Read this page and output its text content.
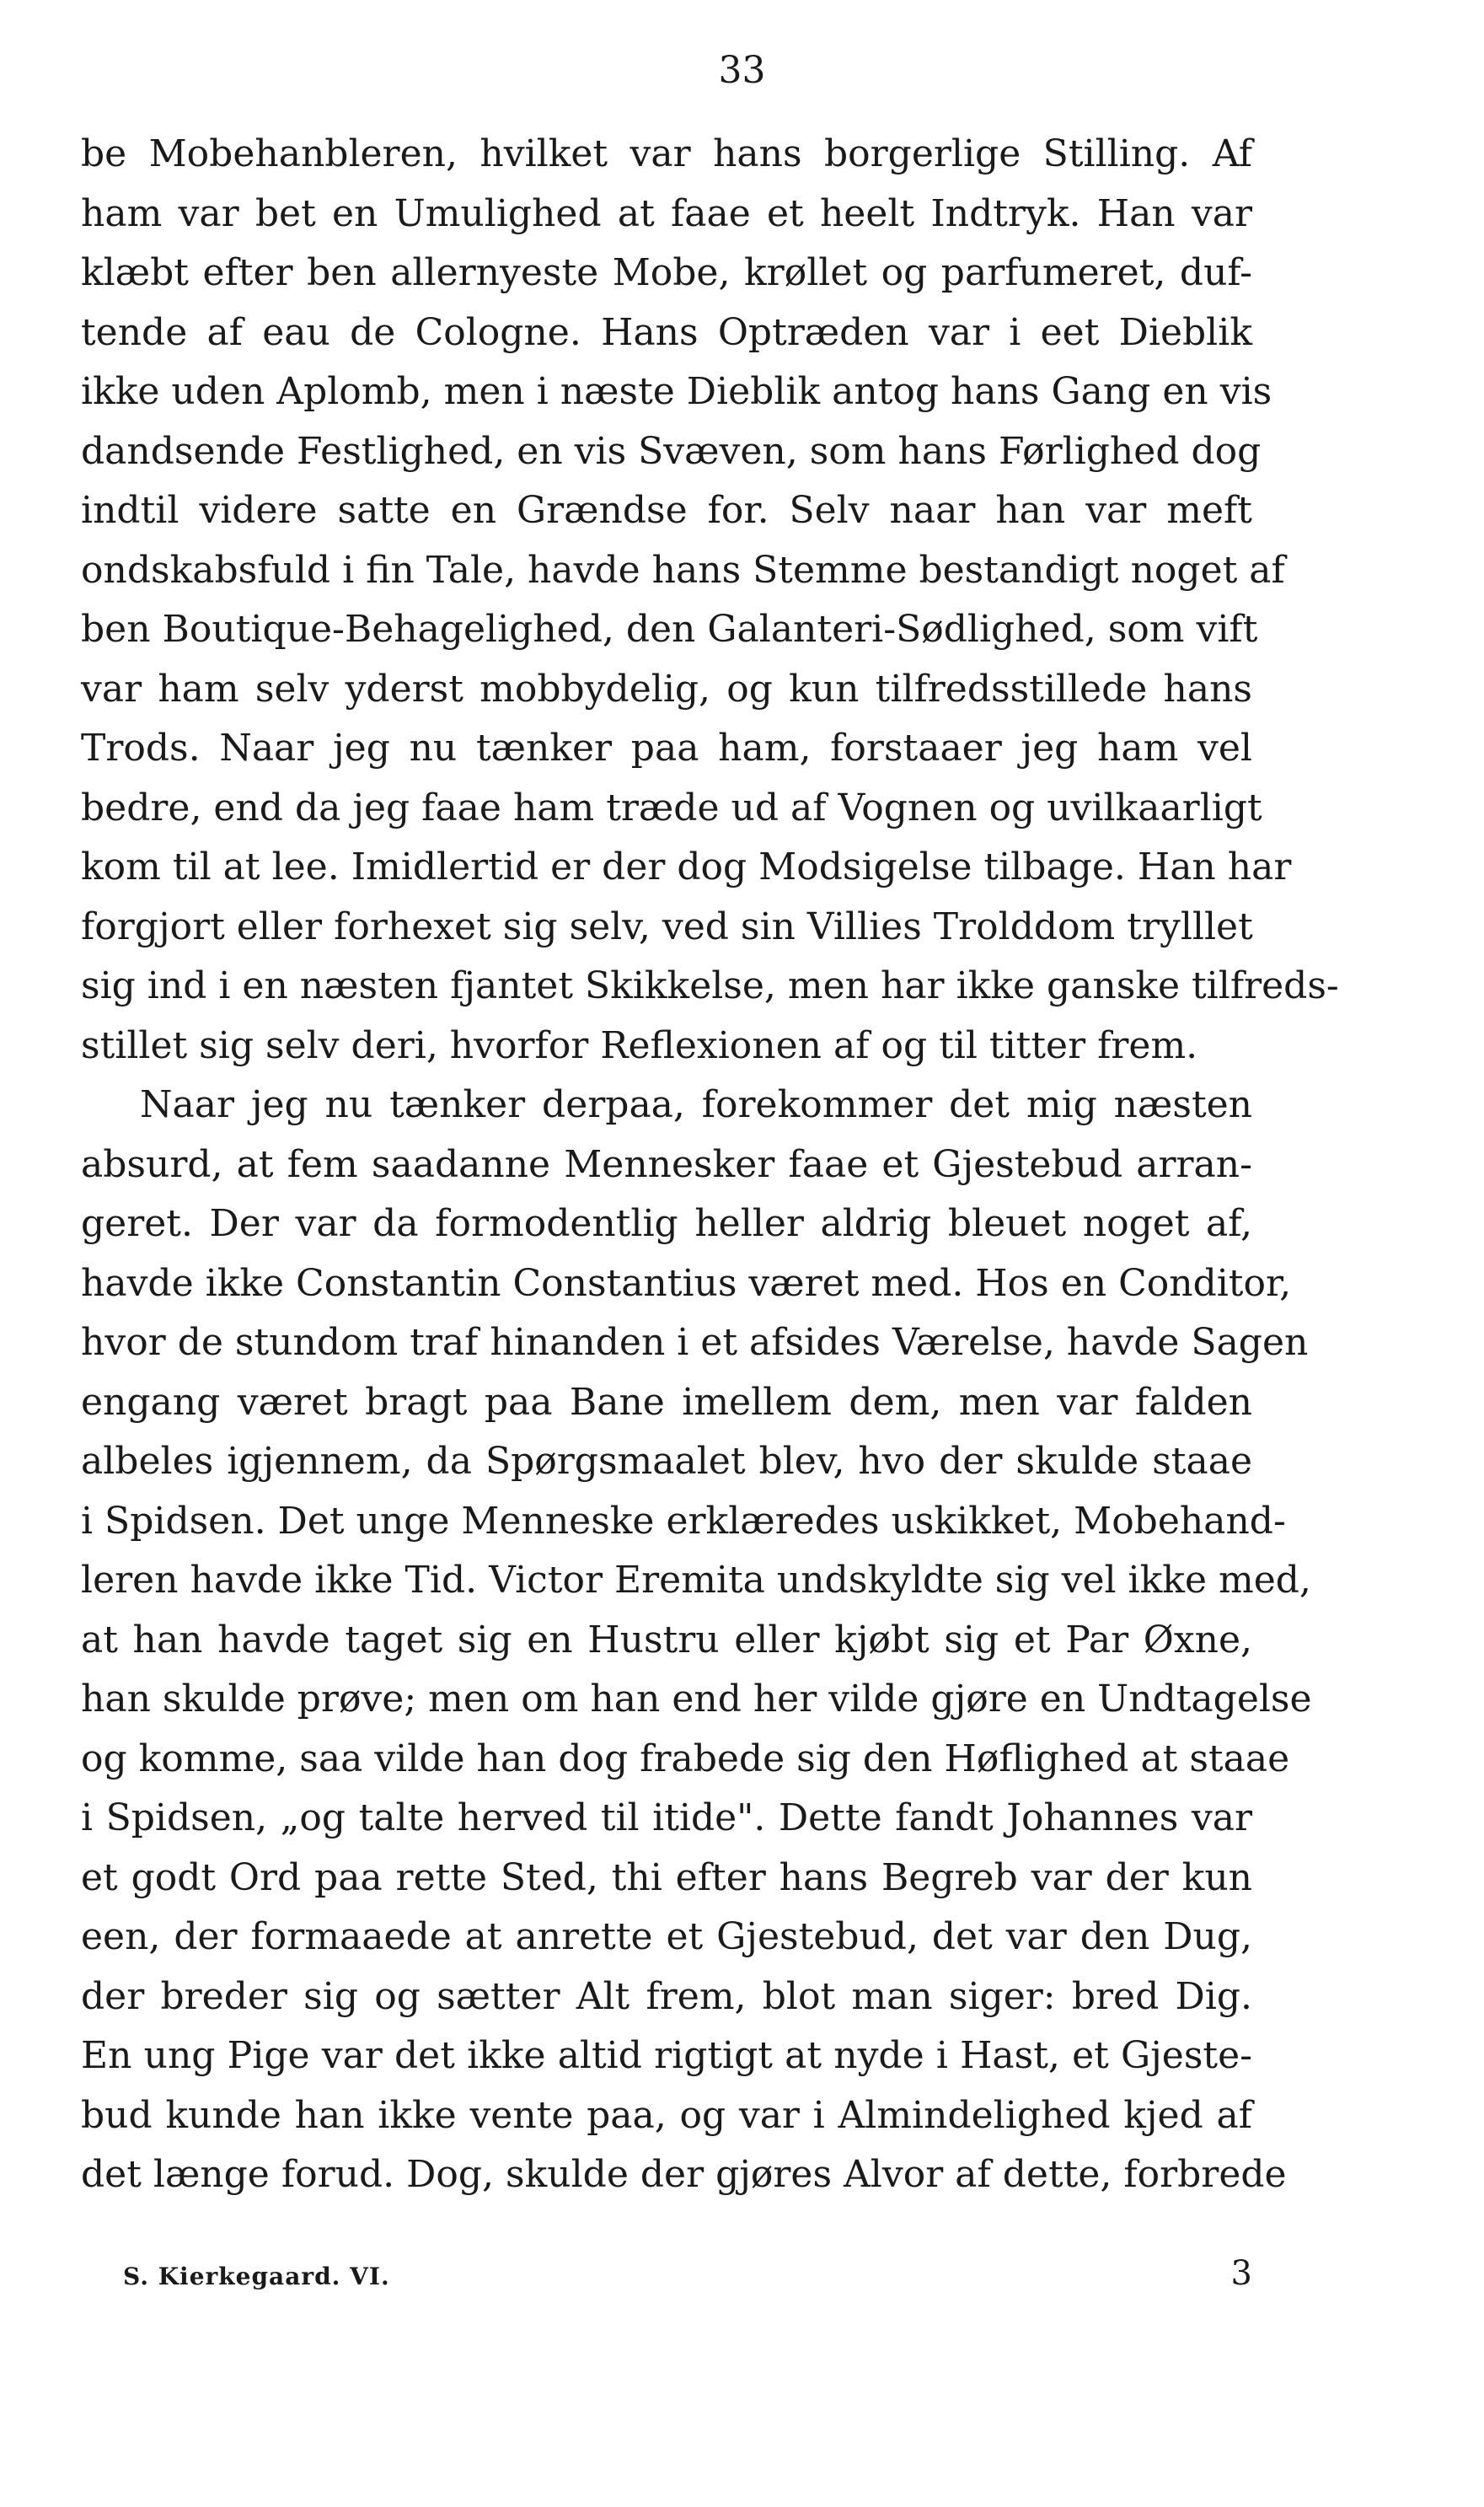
33
be Mobehanbleren, hvilket var hans borgerlige Stilling. Af
ham var bet en Umulighed at faae et heelt Indtryk. Han var
klæbt efter ben allernyeste Mobe, krøllet og parfumeret, duf-
tende af eau de Cologne. Hans Optræden var i eet Dieblik
ikke uden Aplomb, men i næste Dieblik antog hans Gang en vis
dandsende Festlighed, en vis Svæven, som hans Førlighed dog
indtil videre satte en Grændse for. Selv naar han var meft
ondskabsfuld i fin Tale, havde hans Stemme bestandigt noget af
ben Boutique-Behagelighed, den Galanteri-Sødlighed, som vift
var ham selv yderst mobbydelig, og kun tilfredsstillede hans
Trods. Naar jeg nu tænker paa ham, forstaaer jeg ham vel
bedre, end da jeg faae ham træde ud af Vognen og uvilkaarligt
kom til at lee. Imidlertid er der dog Modsigelse tilbage. Han har
forgjort eller forhexet sig selv, ved sin Villies Trolddom trylllet
sig ind i en næsten fjantet Skikkelse, men har ikke ganske tilfreds-
stillet sig selv deri, hvorfor Reflexionen af og til titter frem.
Naar jeg nu tænker derpaa, forekommer det mig næsten
absurd, at fem saadanne Mennesker faae et Gjestebud arran-
geret. Der var da formodentlig heller aldrig bleuet noget af,
havde ikke Constantin Constantius været med. Hos en Conditor,
hvor de stundom traf hinanden i et afsides Værelse, havde Sagen
engang været bragt paa Bane imellem dem, men var falden
albeles igjennem, da Spørgsmaalet blev, hvo der skulde staae
i Spidsen. Det unge Menneske erklæredes uskikket, Mobehand-
leren havde ikke Tid. Victor Eremita undskyldte sig vel ikke med,
at han havde taget sig en Hustru eller kjøbt sig et Par Øxne,
han skulde prøve; men om han end her vilde gjøre en Undtagelse
og komme, saa vilde han dog frabede sig den Høflighed at staae
i Spidsen, „og talte herved til itide". Dette fandt Johannes var
et godt Ord paa rette Sted, thi efter hans Begreb var der kun
een, der formaaede at anrette et Gjestebud, det var den Dug,
der breder sig og sætter Alt frem, blot man siger: bred Dig.
En ung Pige var det ikke altid rigtigt at nyde i Hast, et Gjeste-
bud kunde han ikke vente paa, og var i Almindelighed kjed af
det længe forud. Dog, skulde der gjøres Alvor af dette, forbrede
S. Kierkegaard. VI.	3
